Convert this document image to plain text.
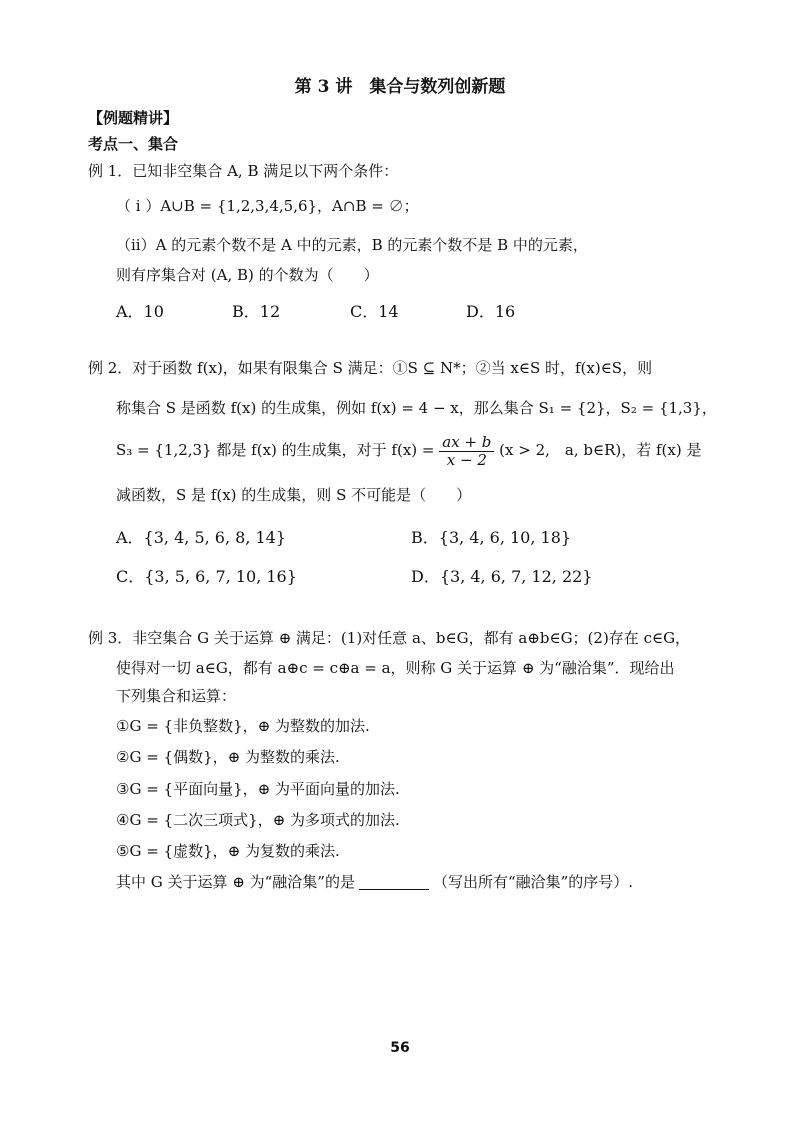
第 3 讲　集合与数列创新题
【例题精讲】
考点一、集合
例 1．已知非空集合 A, B 满足以下两个条件：
（ i ）A∪B = {1,2,3,4,5,6}，A∩B = ∅；
（ii）A 的元素个数不是 A 中的元素，B 的元素个数不是 B 中的元素，
则有序集合对 (A, B) 的个数为（　　）
A．10	B．12	C．14	D．16
例 2．对于函数 f(x)，如果有限集合 S 满足：①S ⊆ N*；②当 x∈S 时，f(x)∈S，则
称集合 S 是函数 f(x) 的生成集，例如 f(x) = 4 − x，那么集合 S₁ = {2}，S₂ = {1,3}，
S₃ = {1,2,3} 都是 f(x) 的生成集，对于 $f(x) = \frac{ax + b}{x - 2} (x > 2$,　a, b∈R)，若 f(x) 是
减函数，S 是 f(x) 的生成集，则 S 不可能是（　　）
A．{3, 4, 5, 6, 8, 14}	B．{3, 4, 6, 10, 18}
C．{3, 5, 6, 7, 10, 16}	D．{3, 4, 6, 7, 12, 22}
例 3．非空集合 G 关于运算 ⊕ 满足：(1)对任意 a、b∈G，都有 a⊕b∈G；(2)存在 c∈G，
使得对一切 a∈G，都有 a⊕c = c⊕a = a，则称 G 关于运算 ⊕ 为“融洽集”．现给出
下列集合和运算：
①G = {非负整数}，⊕ 为整数的加法.
②G = {偶数}，⊕ 为整数的乘法.
③G = {平面向量}，⊕ 为平面向量的加法.
④G = {二次三项式}，⊕ 为多项式的加法.
⑤G = {虚数}，⊕ 为复数的乘法.
其中 G 关于运算 ⊕ 为“融洽集”的是	（写出所有“融洽集”的序号）.
56
